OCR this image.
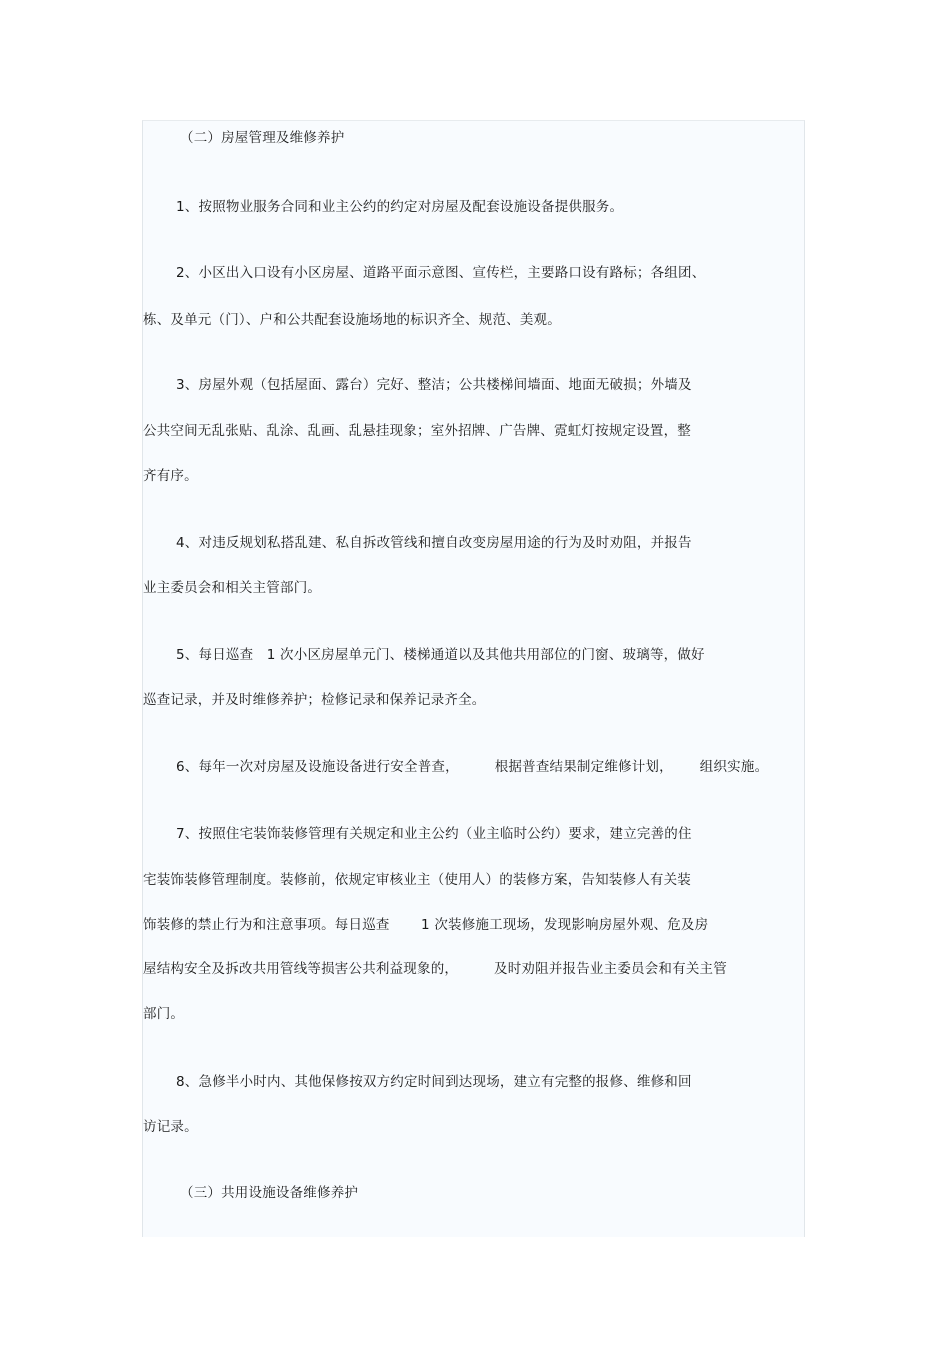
（二）房屋管理及维修养护
1、按照物业服务合同和业主公约的约定对房屋及配套设施设备提供服务。
2、小区出入口设有小区房屋、道路平面示意图、宣传栏，主要路口设有路标；各组团、
栋、及单元（门）、户和公共配套设施场地的标识齐全、规范、美观。
3、房屋外观（包括屋面、露台）完好、整洁；公共楼梯间墙面、地面无破损；外墙及
公共空间无乱张贴、乱涂、乱画、乱悬挂现象；室外招牌、广告牌、霓虹灯按规定设置，整
齐有序。
4、对违反规划私搭乱建、私自拆改管线和擅自改变房屋用途的行为及时劝阻，并报告
业主委员会和相关主管部门。
5、每日巡查   1 次小区房屋单元门、楼梯通道以及其他共用部位的门窗、玻璃等，做好
巡查记录，并及时维修养护；检修记录和保养记录齐全。
6、每年一次对房屋及设施设备进行安全普查，        根据普查结果制定维修计划，      组织实施。
7、按照住宅装饰装修管理有关规定和业主公约（业主临时公约）要求，建立完善的住
宅装饰装修管理制度。装修前，依规定审核业主（使用人）的装修方案，告知装修人有关装
饰装修的禁止行为和注意事项。每日巡查       1 次装修施工现场，发现影响房屋外观、危及房
屋结构安全及拆改共用管线等损害公共利益现象的，        及时劝阻并报告业主委员会和有关主管
部门。
8、急修半小时内、其他保修按双方约定时间到达现场，建立有完整的报修、维修和回
访记录。
（三）共用设施设备维修养护
